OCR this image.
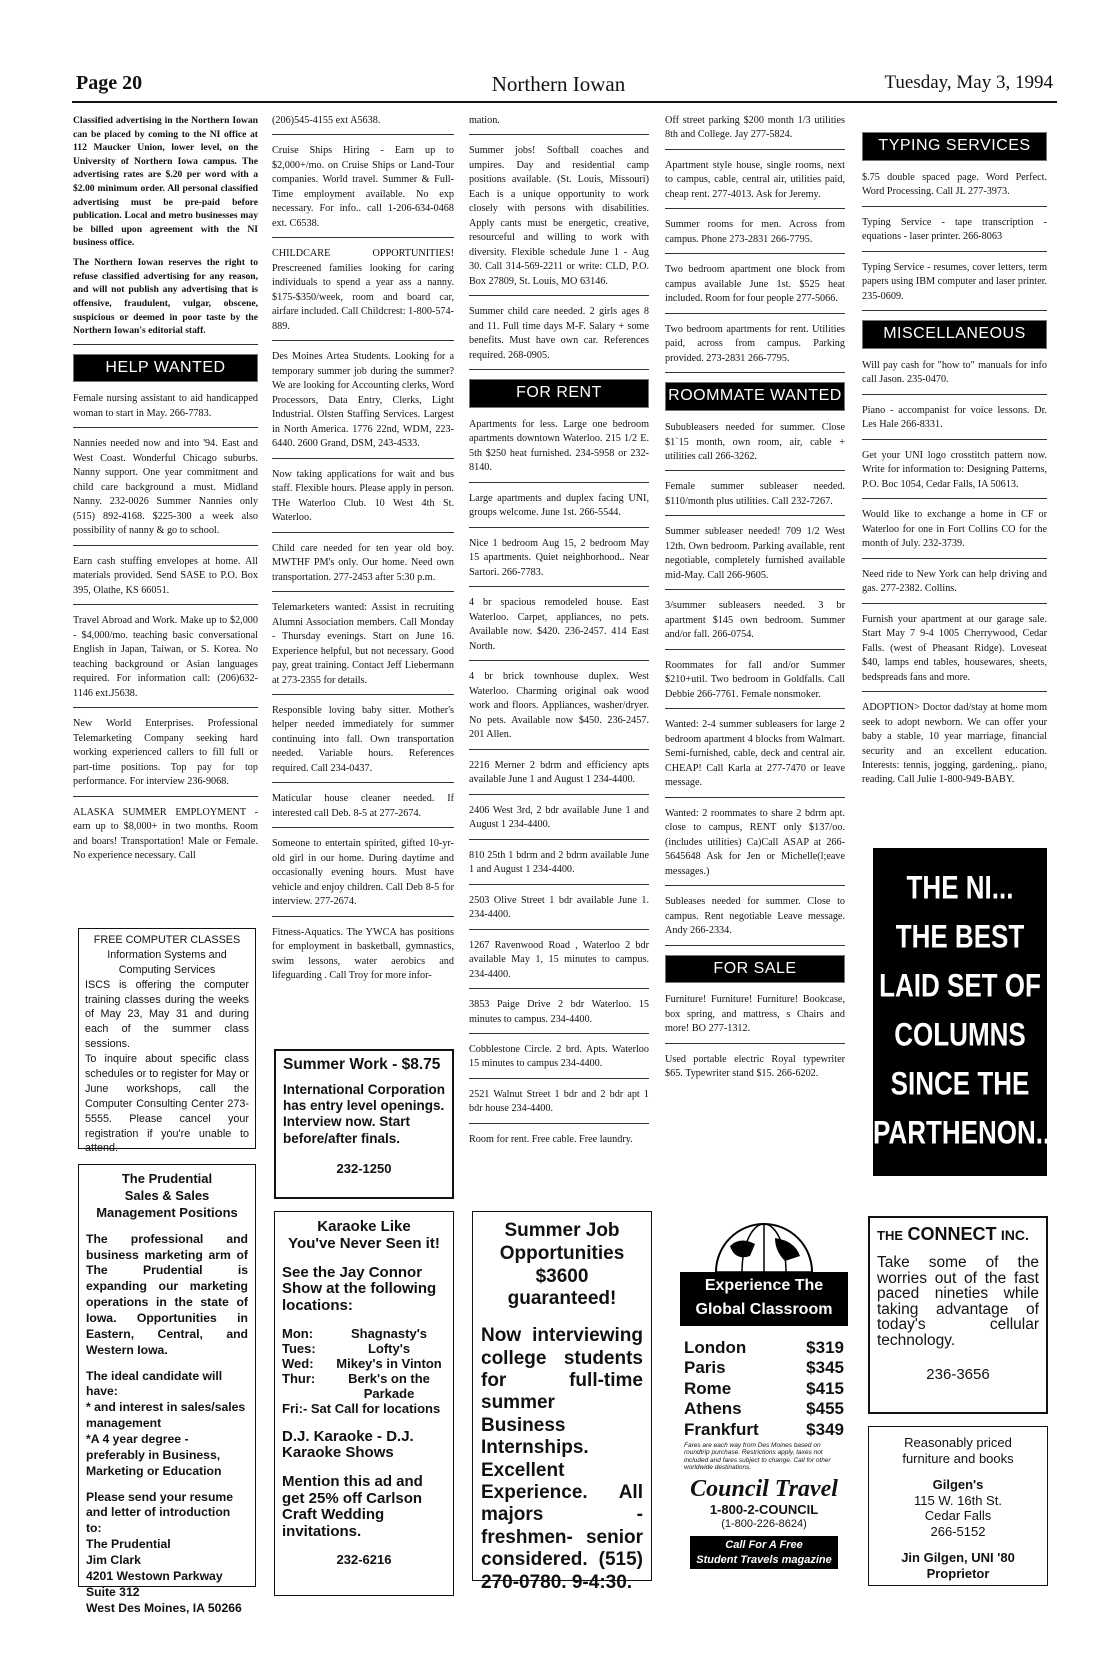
Page 20	Northern Iowan	Tuesday, May 3, 1994
Classified advertising in the Northern Iowan can be placed by coming to the NI office at 112 Maucker Union, lower level, on the University of Northern Iowa campus. The advertising rates are $.20 per word with a $2.00 minimum order. All personal classified advertising must be pre-paid before publication. Local and metro businesses may be billed upon agreement with the NI business office.
The Northern Iowan reserves the right to refuse classified advertising for any reason, and will not publish any advertising that is offensive, fraudulent, vulgar, obscene, suspicious or deemed in poor taste by the Northern Iowan's editorial staff.
HELP WANTED
Female nursing assistant to aid handicapped woman to start in May. 266-7783.
Nannies needed now and into '94. East and West Coast. Wonderful Chicago suburbs. Nanny support. One year commitment and child care background a must. Midland Nanny. 232-0026 Summer Nannies only (515) 892-4168. $225-300 a week also possibility of nanny & go to school.
Earn cash stuffing envelopes at home. All materials provided. Send SASE to P.O. Box 395, Olathe, KS 66051.
Travel Abroad and Work. Make up to $2,000 - $4,000/mo. teaching basic conversational English in Japan, Taiwan, or S. Korea. No teaching background or Asian languages required. For information call: (206)632-1146 ext.J5638.
New World Enterprises. Professional Telemarketing Company seeking hard working experienced callers to fill full or part-time positions. Top pay for top performance. For interview 236-9068.
ALASKA SUMMER EMPLOYMENT - earn up to $8,000+ in two months. Room and boars! Transportation! Male or Female. No experience necessary. Call

FREE COMPUTER CLASSES

Information Systems and

Computing Services

ISCS is offering the computer training classes during the weeks of May 23, May 31 and during each of the summer class sessions.

To inquire about specific class schedules or to register for May or June workshops, call the Computer Consulting Center 273-5555. Please cancel your registration if you're unable to attend.

The Prudential

Sales & Sales

Management Positions

The professional and business marketing arm of The Prudential is expanding our marketing operations in the state of Iowa. Opportunities in Eastern, Central, and Western Iowa.

The ideal candidate will have:

* and interest in sales/sales management

*A 4 year degree - preferably in Business, Marketing or Education

Please send your resume and letter of introduction to:

The Prudential

Jim Clark

4201 Westown Parkway

Suite 312

West Des Moines, IA 50266

(206)545-4155 ext A5638.
Cruise Ships Hiring - Earn up to $2,000+/mo. on Cruise Ships or Land-Tour companies. World travel. Summer & Full-Time employment available. No exp necessary. For info.. call 1-206-634-0468 ext. C6538.
CHILDCARE OPPORTUNITIES! Prescreened families looking for caring individuals to spend a year ass a nanny. $175-$350/week, room and board car, airfare included. Call Childcrest: 1-800-574-889.
Des Moines Artea Students. Looking for a temporary summer job during the summer? We are looking for Accounting clerks, Word Processors, Data Entry, Clerks, Light Industrial. Olsten Staffing Services. Largest in North America. 1776 22nd, WDM, 223-6440. 2600 Grand, DSM, 243-4533.
Now taking applications for wait and bus staff. Flexible hours. Please apply in person. THe Waterloo Club. 10 West 4th St. Waterloo.
Child care needed for ten year old boy. MWTHF PM's only. Our home. Need own transportation. 277-2453 after 5:30 p.m.
Telemarketers wanted: Assist in recruiting Alumni Association members. Call Monday - Thursday evenings. Start on June 16. Experience helpful, but not necessary. Good pay, great training. Contact Jeff Liebermann at 273-2355 for details.
Responsible loving baby sitter. Mother's helper needed immediately for summer continuing into fall. Own transportation needed. Variable hours. References required. Call 234-0437.
Maticular house cleaner needed. If interested call Deb. 8-5 at 277-2674.
Someone to entertain spirited, gifted 10-yr-old girl in our home. During daytime and occasionally evening hours. Must have vehicle and enjoy children. Call Deb 8-5 for interview. 277-2674.
Fitness-Aquatics. The YWCA has positions for employment in basketball, gymnastics, swim lessons, water aerobics and lifeguarding . Call Troy for more infor-

Summer Work - $8.75

International Corporation has entry level openings. Interview now. Start before/after finals.

232-1250

Karaoke Like

You've Never Seen it!

See the Jay Connor Show at the following locations:

Mon:	Shagnasty's
Tues:	Lofty's
Wed:	Mikey's in Vinton
Thur:	Berk's on the Parkade

Fri:- Sat Call for locations

D.J. Karaoke - D.J. Karaoke Shows

Mention this ad and get 25% off Carlson Craft Wedding invitations.

232-6216

mation.
Summer jobs! Softball coaches and umpires. Day and residential camp positions available. (St. Louis, Missouri) Each is a unique opportunity to work closely with persons with disabilities. Apply cants must be energetic, creative, resourceful and willing to work with diversity. Flexible schedule June 1 - Aug 30. Call 314-569-2211 or write: CLD, P.O. Box 27809, St. Louis, MO 63146.
Summer child care needed. 2 girls ages 8 and 11. Full time days M-F. Salary + some benefits. Must have own car. References required. 268-0905.
FOR RENT
Apartments for less. Large one bedroom apartments downtown Waterloo. 215 1/2 E. 5th $250 heat furnished. 234-5958 or 232-8140.
Large apartments and duplex facing UNI, groups welcome. June 1st. 266-5544.
Nice 1 bedroom Aug 15, 2 bedroom May 15 apartments. Quiet neighborhood.. Near Sartori. 266-7783.
4 br spacious remodeled house. East Waterloo. Carpet, appliances, no pets. Available now. $420. 236-2457. 414 East North.
4 br brick townhouse duplex. West Waterloo. Charming original oak wood work and floors. Appliances, washer/dryer. No pets. Available now $450. 236-2457. 201 Allen.
2216 Merner 2 bdrm and efficiency apts available June 1 and August 1 234-4400.
2406 West 3rd, 2 bdr available June 1 and August 1 234-4400.
810 25th 1 bdrm and 2 bdrm available June 1 and August 1 234-4400.
2503 Olive Street 1 bdr available June 1. 234-4400.
1267 Ravenwood Road , Waterloo 2 bdr available May 1, 15 minutes to campus. 234-4400.
3853 Paige Drive 2 bdr Waterloo. 15 minutes to campus. 234-4400.
Cobblestone Circle. 2 brd. Apts. Waterloo 15 minutes to campus 234-4400.
2521 Walnut Street 1 bdr and 2 bdr apt 1 bdr house 234-4400.
Room for rent. Free cable. Free laundry.

Summer Job Opportunities $3600 guaranteed!

Now interviewing college students for full-time summer Business Internships. Excellent Experience. All majors - freshmen- senior considered. (515) 270-0780. 9-4:30.

Off street parking $200 month 1/3 utilities 8th and College. Jay 277-5824.
Apartment style house, single rooms, next to campus, cable, central air, utilities paid, cheap rent. 277-4013. Ask for Jeremy.
Summer rooms for men. Across from campus. Phone 273-2831 266-7795.
Two bedroom apartment one block from campus available June 1st. $525 heat included. Room for four people 277-5066.
Two bedroom apartments for rent. Utilities paid, across from campus. Parking provided. 273-2831 266-7795.
ROOMMATE WANTED
Sububleasers needed for summer. Close $1`15 month, own room, air, cable + utilities call 266-3262.
Female summer subleaser needed. $110/month plus utilities. Call 232-7267.
Summer subleaser needed! 709 1/2 West 12th. Own bedroom. Parking available, rent negotiable, completely furnished available mid-May. Call 266-9605.
3/summer subleasers needed. 3 br apartment $145 own bedroom. Summer and/or fall. 266-0754.
Roommates for fall and/or Summer $210+util. Two bedroom in Goldfalls. Call Debbie 266-7761. Female nonsmoker.
Wanted: 2-4 summer subleasers for large 2 bedroom apartment 4 blocks from Walmart. Semi-furnished, cable, deck and central air. CHEAP! Call Karla at 277-7470 or leave message.
Wanted: 2 roommates to share 2 bdrm apt. close to campus, RENT only $137/oo.(includes utilities) Ca)Call ASAP at 266-5645648 Ask for Jen or Michelle(l;eave messages.)
Subleases needed for summer. Close to campus. Rent negotiable Leave message. Andy 266-2334.
FOR SALE
Furniture! Furniture! Furniture! Bookcase, box spring, and mattress, s Chairs and more! BO 277-1312.
Used portable electric Royal typewriter $65. Typewriter stand $15. 266-6202.
Experience The
Global Classroom
London	$319
Paris	$345
Rome	$415
Athens	$455
Frankfurt	$349

Fares are each way from Des Moines based on roundtrip purchase. Restrictions apply, taxes not included and fares subject to change. Call for other worldwide destinations.

Council Travel

1-800-2-COUNCIL

(1-800-226-8624)

Call For A Free
Student Travels magazine
TYPING SERVICES
$.75 double spaced page. Word Perfect. Word Processing. Call JL 277-3973.
Typing Service - tape transcription - equations - laser printer. 266-8063
Typing Service - resumes, cover letters, term papers using IBM computer and laser printer. 235-0609.
MISCELLANEOUS
Will pay cash for "how to" manuals for info call Jason. 235-0470.
Piano - accompanist for voice lessons. Dr. Les Hale 266-8331.
Get your UNI logo crosstitch pattern now. Write for information to: Designing Patterns, P.O. Boc 1054, Cedar Falls, IA 50613.
Would like to exchange a home in CF or Waterloo for one in Fort Collins CO for the month of July. 232-3739.
Need ride to New York can help driving and gas. 277-2382. Collins.
Furnish your apartment at our garage sale. Start May 7 9-4 1005 Cherrywood, Cedar Falls. (west of Pheasant Ridge). Loveseat $40, lamps end tables, housewares, sheets, bedspreads fans and more.
ADOPTION> Doctor dad/stay at home mom seek to adopt newborn. We can offer your baby a stable, 10 year marriage, financial security and an excellent education. Interests: tennis, jogging, gardening,. piano, reading. Call Julie 1-800-949-BABY.
THE NI...
THE BEST
LAID SET OF
COLUMNS
SINCE THE
PARTHENON...

THE CONNECT INC.

Take some of the worries out of the fast paced nineties while taking advantage of today's cellular technology.

236-3656

Reasonably priced

furniture and books

Gilgen's

115 W. 16th St.

Cedar Falls

266-5152

Jin Gilgen, UNI '80

Proprietor
